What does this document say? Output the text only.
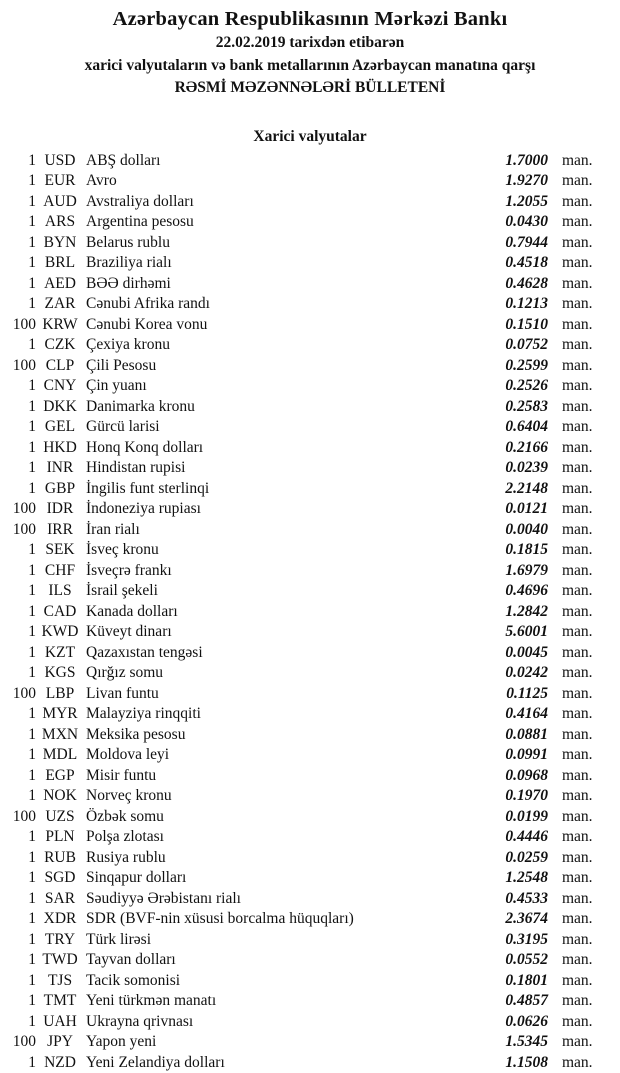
Azərbaycan Respublikasının Mərkəzi Bankı
22.02.2019 tarixdən etibarən
xarici valyutaların və bank metallarının Azərbaycan manatına qarşı
RƏSMİ MƏZƏNNƏLƏRİ BÜLLETENİ
Xarici valyutalar
1 USD ABŞ dolları	1.7000 man.
1 EUR Avro	1.9270 man.
1 AUD Avstraliya dolları	1.2055 man.
1 ARS Argentina pesosu	0.0430 man.
1 BYN Belarus rublu	0.7944 man.
1 BRL Braziliya rialı	0.4518 man.
1 AED BƏƏ dirhəmi	0.4628 man.
1 ZAR Cənubi Afrika randı	0.1213 man.
100 KRW Cənubi Korea vonu	0.1510 man.
1 CZK Çexiya kronu	0.0752 man.
100 CLP Çili Pesosu	0.2599 man.
1 CNY Çin yuanı	0.2526 man.
1 DKK Danimarka kronu	0.2583 man.
1 GEL Gürcü larisi	0.6404 man.
1 HKD Honq Konq dolları	0.2166 man.
1 INR Hindistan rupisi	0.0239 man.
1 GBP İngilis funt sterlinqi	2.2148 man.
100 IDR İndoneziya rupiası	0.0121 man.
100 IRR İran rialı	0.0040 man.
1 SEK İsveç kronu	0.1815 man.
1 CHF İsveçrə frankı	1.6979 man.
1 ILS İsrail şekeli	0.4696 man.
1 CAD Kanada dolları	1.2842 man.
1 KWD Küveyt dinarı	5.6001 man.
1 KZT Qazaxıstan tengəsi	0.0045 man.
1 KGS Qırğız somu	0.0242 man.
100 LBP Livan funtu	0.1125 man.
1 MYR Malayziya rinqqiti	0.4164 man.
1 MXN Meksika pesosu	0.0881 man.
1 MDL Moldova leyi	0.0991 man.
1 EGP Misir funtu	0.0968 man.
1 NOK Norveç kronu	0.1970 man.
100 UZS Özbək somu	0.0199 man.
1 PLN Polşa zlotası	0.4446 man.
1 RUB Rusiya rublu	0.0259 man.
1 SGD Sinqapur dolları	1.2548 man.
1 SAR Səudiyyə Ərəbistanı rialı	0.4533 man.
1 XDR SDR (BVF-nin xüsusi borcalma hüquqları)	2.3674 man.
1 TRY Türk lirəsi	0.3195 man.
1 TWD Tayvan dolları	0.0552 man.
1 TJS Tacik somonisi	0.1801 man.
1 TMT Yeni türkmən manatı	0.4857 man.
1 UAH Ukrayna qrivnası	0.0626 man.
100 JPY Yapon yeni	1.5345 man.
1 NZD Yeni Zelandiya dolları	1.1508 man.
